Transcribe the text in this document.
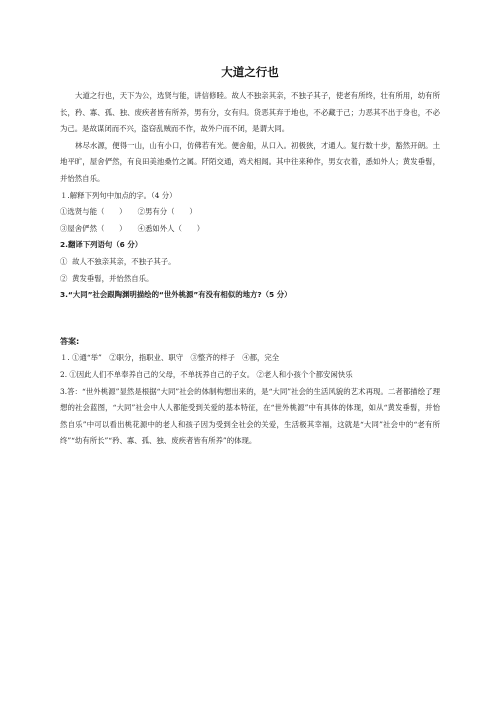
大道之行也

大道之行也，天下为公，选贤与能，讲信修睦。故人不独亲其亲，不独子其子，使老有所终，壮有所用，幼有所长，矜、寡、孤、独、废疾者皆有所养，男有分，女有归。货恶其弃于地也，不必藏于己；力恶其不出于身也，不必为己。是故谋闭而不兴，盗窃乱贼而不作，故外户而不闭，是谓大同。

林尽水源，便得一山，山有小口，仿佛若有光。便舍船，从口入。初极狭，才通人。复行数十步，豁然开朗。土地平旷，屋舍俨然，有良田美池桑竹之属。阡陌交通，鸡犬相闻。其中往来种作，男女衣着，悉如外人；黄发垂髫，并怡然自乐。

１.解释下列句中加点的字。（4 分）

①选贤与能（　　）　　②男有分（　　）

③屋舍俨然（　　）　　④悉如外人（　　）

2.翻译下列语句（6 分）

①  故人不独亲其亲，不独子其子。

②  黄发垂髫，并怡然自乐。

3.“大同”社会跟陶渊明描绘的“世外桃源”有没有相似的地方?（5 分）

答案:

１. ①通“举”　②职分，指职业、职守　③整齐的样子　④都，完全

2. ①因此人们不单奉养自己的父母，不单抚养自己的子女。 ②老人和小孩个个都安闲快乐

3.答：“世外桃源”显然是根据“大同”社会的体制构想出来的，是“大同”社会的生活风貌的艺术再现。二者都描绘了理想的社会蓝图，“大同”社会中人人都能受到关爱的基本特征，在“世外桃源”中有具体的体现，如从“黄发垂髫，并怡然自乐”中可以看出桃花源中的老人和孩子因为受到全社会的关爱，生活极其幸福，这就是“大同”社会中的“老有所终”“幼有所长”“矜、寡、孤、独、废疾者皆有所养”的体现。
